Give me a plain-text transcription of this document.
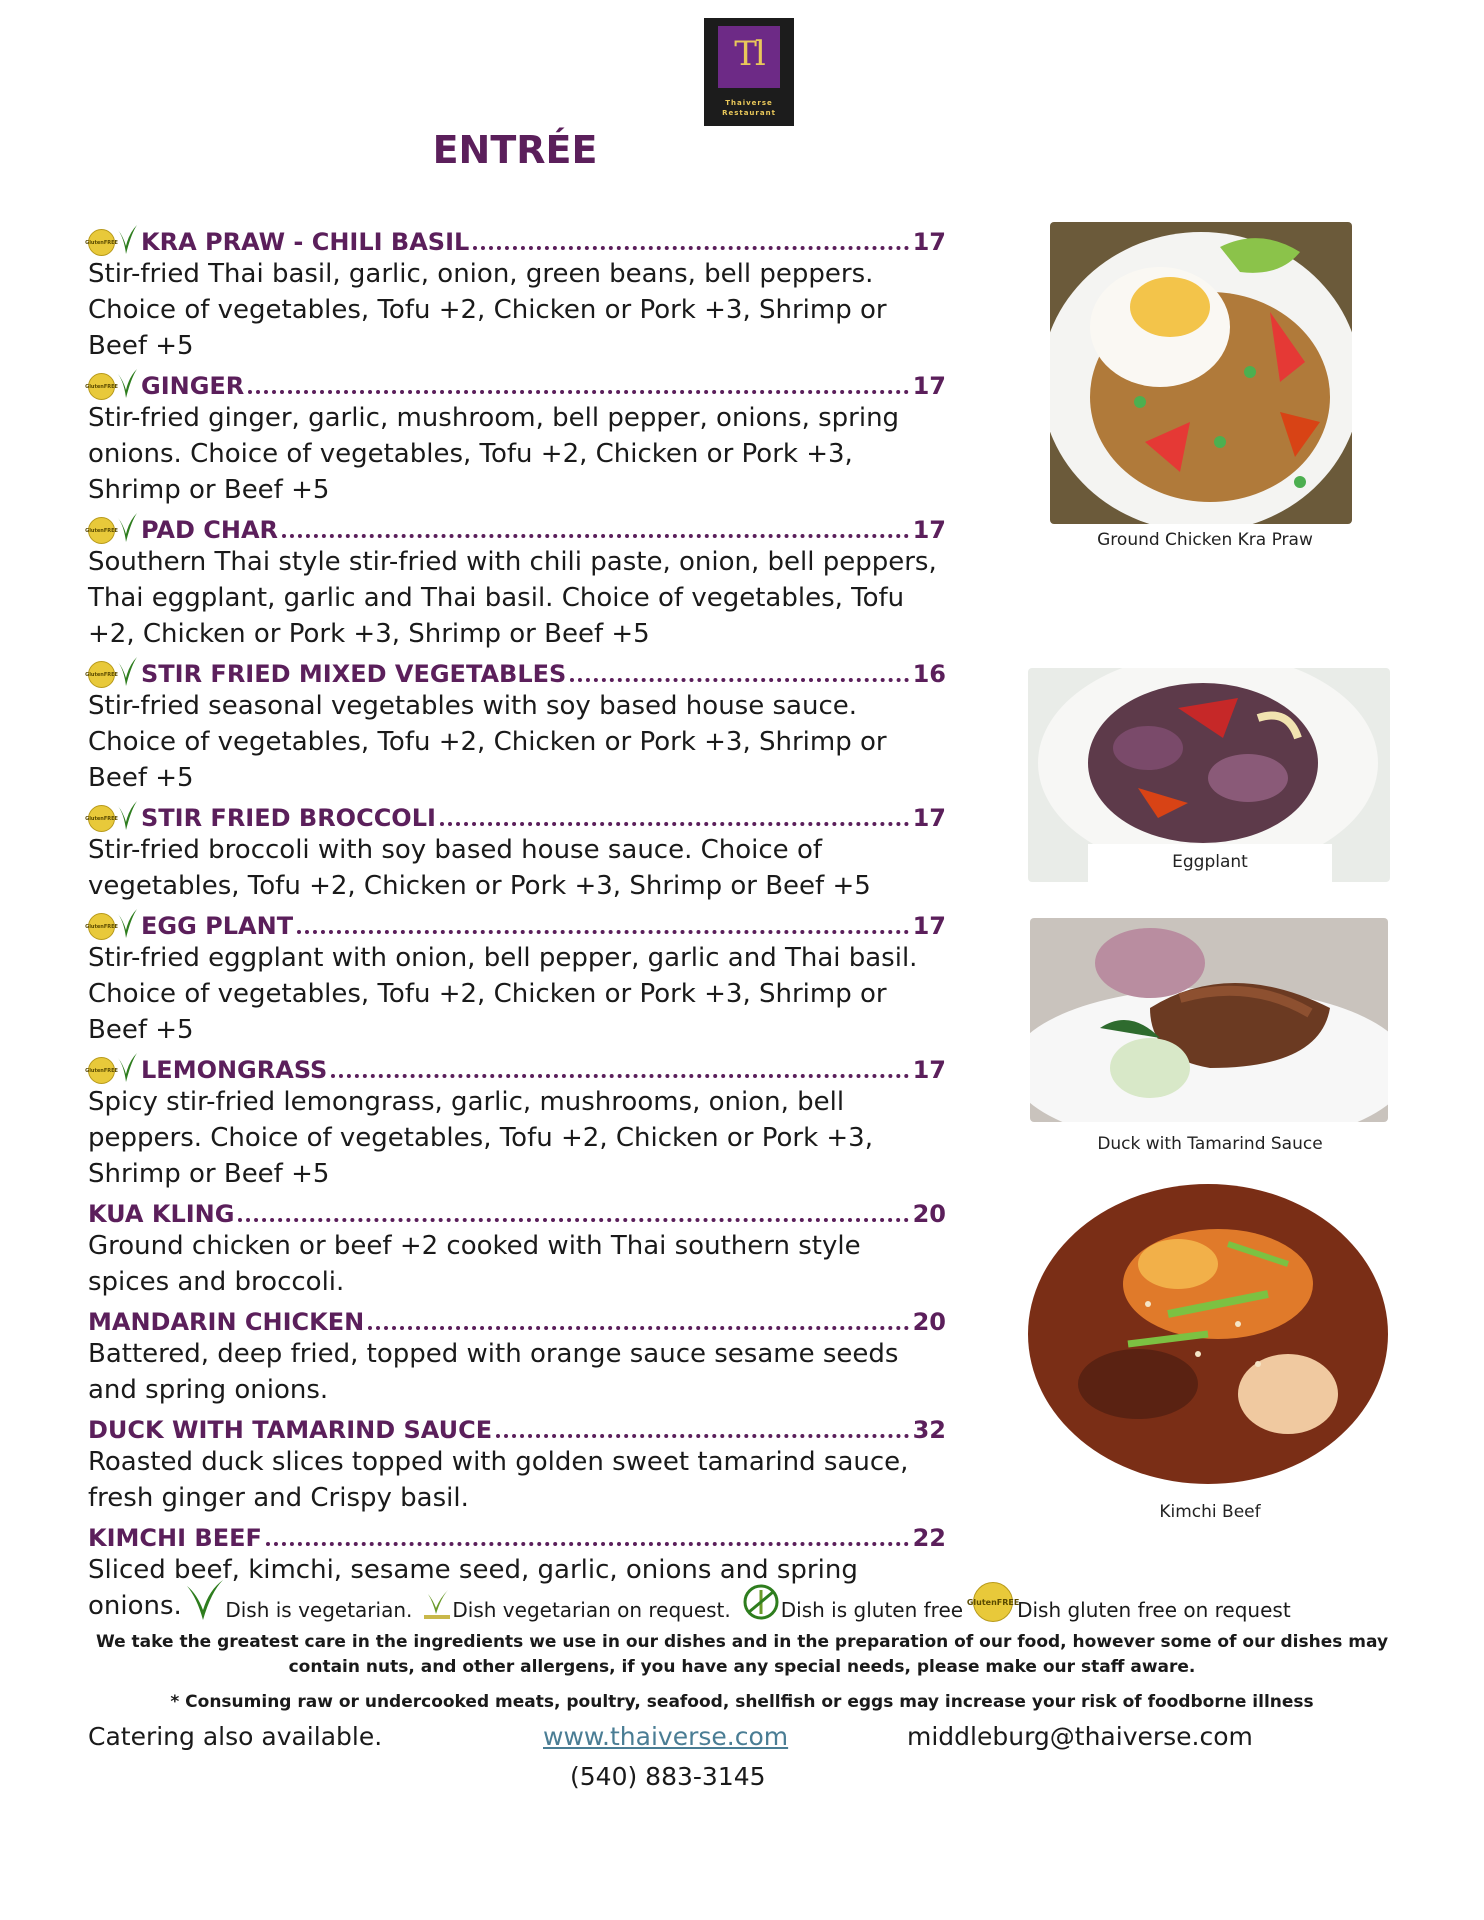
Tl
Thaiverse
Restaurant
ENTRÉE
Gluten FREE KRA PRAW - CHILI BASIL	17
Stir-fried Thai basil, garlic, onion, green beans, bell peppers. Choice of vegetables, Tofu +2, Chicken or Pork +3, Shrimp or Beef +5
Gluten FREE GINGER	17
Stir-fried ginger, garlic, mushroom, bell pepper, onions, spring onions. Choice of vegetables, Tofu +2, Chicken or Pork +3, Shrimp or Beef +5
Gluten FREE PAD CHAR	17
Southern Thai style stir-fried with chili paste, onion, bell peppers, Thai eggplant, garlic and Thai basil. Choice of vegetables, Tofu +2, Chicken or Pork +3, Shrimp or Beef +5
Gluten FREE STIR FRIED MIXED VEGETABLES	16
Stir-fried seasonal vegetables with soy based house sauce. Choice of vegetables, Tofu +2, Chicken or Pork +3, Shrimp or Beef +5
Gluten FREE STIR FRIED BROCCOLI	17
Stir-fried broccoli with soy based house sauce. Choice of vegetables, Tofu +2, Chicken or Pork +3, Shrimp or Beef +5
Gluten FREE EGG PLANT	17
Stir-fried eggplant with onion, bell pepper, garlic and Thai basil. Choice of vegetables, Tofu +2, Chicken or Pork +3, Shrimp or Beef +5
Gluten FREE LEMONGRASS	17
Spicy stir-fried lemongrass, garlic, mushrooms, onion, bell peppers. Choice of vegetables, Tofu +2, Chicken or Pork +3, Shrimp or Beef +5
KUA KLING	20
Ground chicken or beef +2 cooked with Thai southern style spices and broccoli.
MANDARIN CHICKEN	20
Battered, deep fried, topped with orange sauce sesame seeds and spring onions.
DUCK WITH TAMARIND SAUCE	32
Roasted duck slices topped with golden sweet tamarind sauce, fresh ginger and Crispy basil.
KIMCHI BEEF	22
Sliced beef, kimchi, sesame seed, garlic, onions and spring onions.
Ground Chicken Kra Praw
Eggplant
Duck with Tamarind Sauce
Kimchi Beef
Dish is vegetarian. Dish vegetarian on request.	Dish is gluten free Gluten FREE
Dish gluten free on request
We take the greatest care in the ingredients we use in our dishes and in the preparation of our food, however some of our dishes may contain nuts, and other allergens, if you have any special needs, please make our staff aware.
* Consuming raw or undercooked meats, poultry, seafood, shellfish or eggs may increase your risk of foodborne illness
Catering also available.	www.thaiverse.com	middleburg@thaiverse.com
(540) 883-3145
